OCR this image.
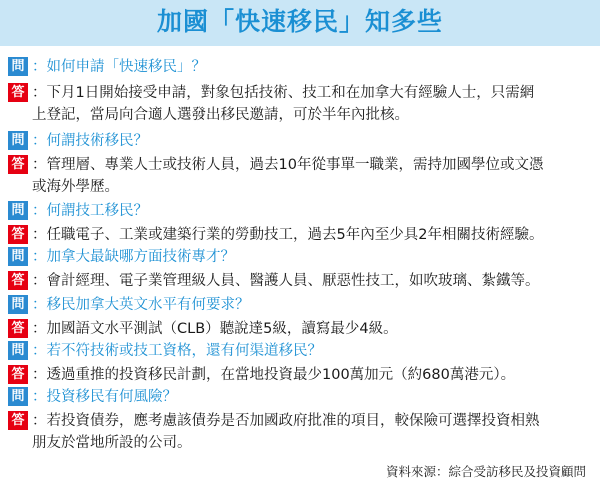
加國「快速移民」知多些
問 ：如何申請「快速移民」？
答 ：下月1日開始接受申請，對象包括技術、技工和在加拿大有經驗人士，只需網
上登記，當局向合適人選發出移民邀請，可於半年內批核。
問 ：何謂技術移民？
答 ：管理層、專業人士或技術人員，過去10年從事單一職業，需持加國學位或文憑
或海外學歷。
問 ：何謂技工移民？
答 ：任職電子、工業或建築行業的勞動技工，過去5年內至少具2年相關技術經驗。
問 ：加拿大最缺哪方面技術專才？
答 ：會計經理、電子業管理級人員、醫護人員、厭惡性技工，如吹玻璃、紮鐵等。
問 ：移民加拿大英文水平有何要求？
答 ：加國語文水平測試（CLB）聽說達5級，讀寫最少4級。
問 ：若不符技術或技工資格，還有何渠道移民？
答 ：透過重推的投資移民計劃，在當地投資最少100萬加元（約680萬港元）。
問 ：投資移民有何風險？
答 ：若投資債券，應考慮該債券是否加國政府批准的項目，較保險可選擇投資相熟
朋友於當地所設的公司。
資料來源：綜合受訪移民及投資顧問
